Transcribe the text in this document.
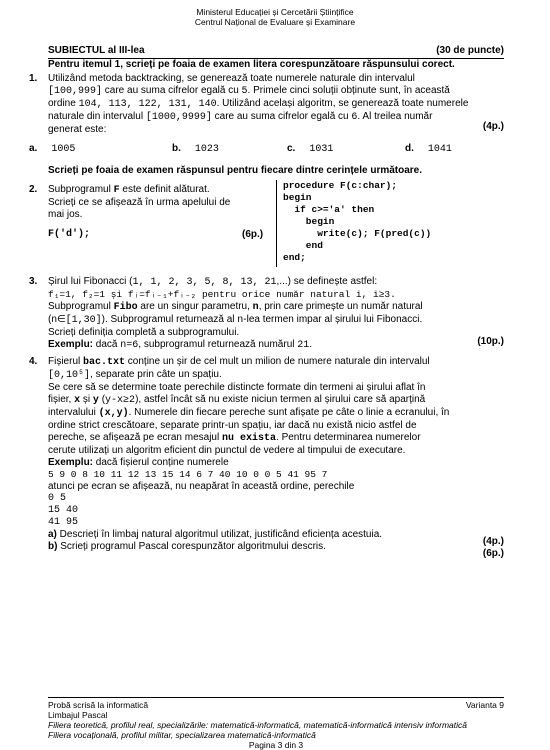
Ministerul Educației și Cercetării Științifice
Centrul Național de Evaluare și Examinare
SUBIECTUL al III-lea	(30 de puncte)
Pentru itemul 1, scrieți pe foaia de examen litera corespunzătoare răspunsului corect.
1. Utilizând metoda backtracking, se generează toate numerele naturale din intervalul
[100,999] care au suma cifrelor egală cu 5. Primele cinci soluții obținute sunt, în această
ordine 104, 113, 122, 131, 140. Utilizând același algoritm, se generează toate numerele
naturale din intervalul [1000,9999] care au suma cifrelor egală cu 6. Al treilea număr
generat este:	(4p.)
a. 1005	b. 1023	c. 1031	d. 1041
Scrieți pe foaia de examen răspunsul pentru fiecare dintre cerințele următoare.
2. Subprogramul F este definit alăturat.
Scrieți ce se afișează în urma apelului de
mai jos.
F('d');	(6p.)
procedure F(c:char);
begin
if c>='a' then
begin
write(c); F(pred(c))
end
end;
3. Șirul lui Fibonacci (1, 1, 2, 3, 5, 8, 13, 21,...) se definește astfel:
f₁=1, f₂=1 și fᵢ=fᵢ₋₁+fᵢ₋₂ pentru orice număr natural i, i≥3.
Subprogramul Fibo are un singur parametru, n, prin care primește un număr natural
(n∈[1,30]). Subprogramul returnează al n-lea termen impar al șirului lui Fibonacci.
Scrieți definiția completă a subprogramului.
Exemplu: dacă n=6, subprogramul returnează numărul 21.	(10p.)
4. Fișierul bac.txt conține un șir de cel mult un milion de numere naturale din intervalul
[0,10⁵], separate prin câte un spațiu.
Se cere să se determine toate perechile distincte formate din termeni ai șirului aflat în
fișier, x și y (y-x≥2), astfel încât să nu existe niciun termen al șirului care să aparțină
intervalului (x,y). Numerele din fiecare pereche sunt afișate pe câte o linie a ecranului, în
ordine strict crescătoare, separate printr-un spațiu, iar dacă nu există nicio astfel de
pereche, se afișează pe ecran mesajul nu exista. Pentru determinarea numerelor
cerute utilizați un algoritm eficient din punctul de vedere al timpului de executare.
Exemplu: dacă fișierul conține numerele
5 9 0 8 10 11 12 13 15 14 6 7 40 10 0 0 5 41 95 7
atunci pe ecran se afișează, nu neapărat în această ordine, perechile
0 5
15 40
41 95
a) Descrieți în limbaj natural algoritmul utilizat, justificând eficiența acestuia.
b) Scrieți programul Pascal corespunzător algoritmului descris.	(4p.)
(6p.)
Probă scrisă la informatică	Varianta 9
Limbajul Pascal
Filiera teoretică, profilul real, specializările: matematică-informatică, matematică-informatică intensiv informatică
Filiera vocațională, profilul militar, specializarea matematică-informatică
Pagina 3 din 3
